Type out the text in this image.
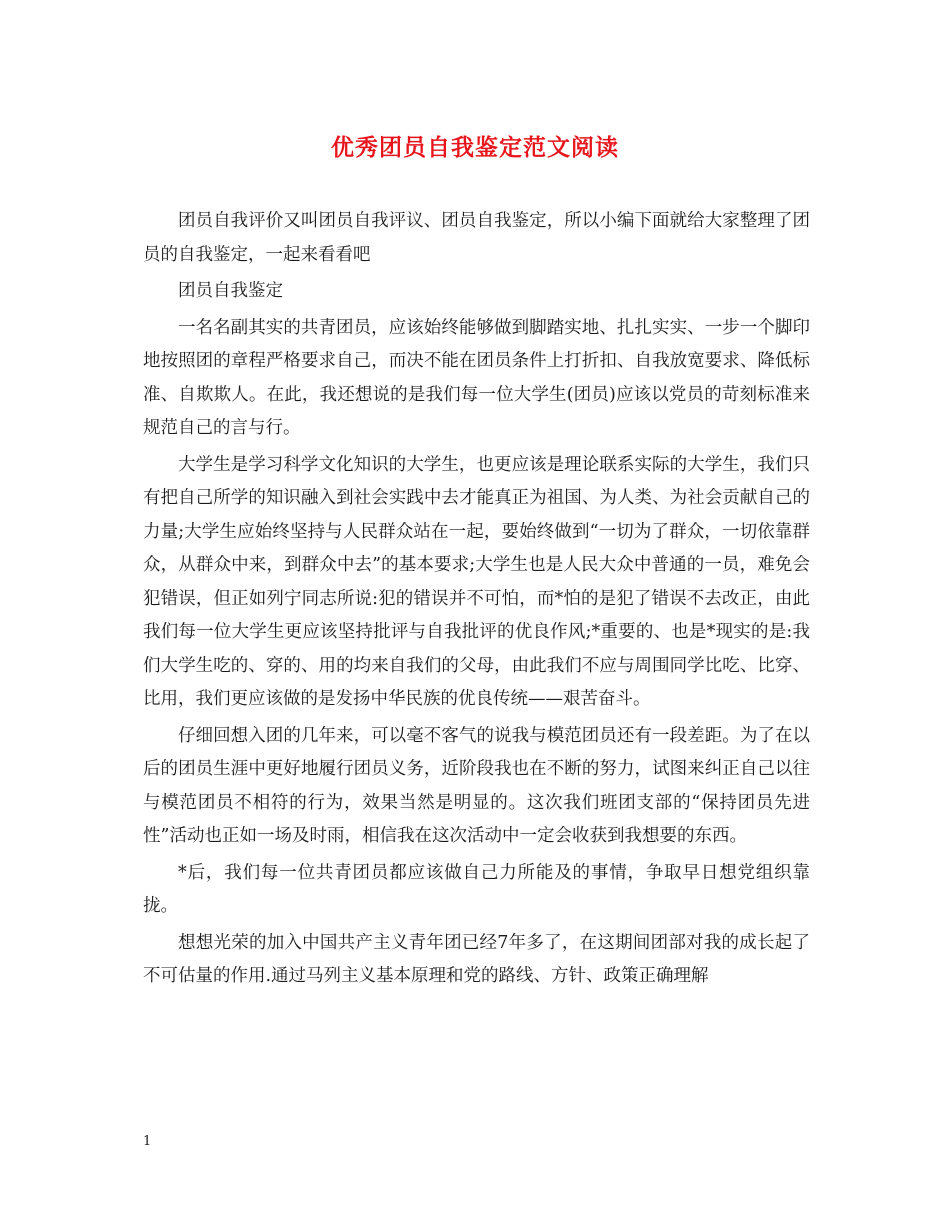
优秀团员自我鉴定范文阅读

团员自我评价又叫团员自我评议、团员自我鉴定，所以小编下面就给大家整理了团员的自我鉴定，一起来看看吧

团员自我鉴定

一名名副其实的共青团员，应该始终能够做到脚踏实地、扎扎实实、一步一个脚印地按照团的章程严格要求自己，而决不能在团员条件上打折扣、自我放宽要求、降低标准、自欺欺人。在此，我还想说的是我们每一位大学生(团员)应该以党员的苛刻标准来规范自己的言与行。

大学生是学习科学文化知识的大学生，也更应该是理论联系实际的大学生，我们只有把自己所学的知识融入到社会实践中去才能真正为祖国、为人类、为社会贡献自己的力量;大学生应始终坚持与人民群众站在一起，要始终做到“一切为了群众，一切依靠群众，从群众中来，到群众中去”的基本要求;大学生也是人民大众中普通的一员，难免会犯错误，但正如列宁同志所说:犯的错误并不可怕，而*怕的是犯了错误不去改正，由此我们每一位大学生更应该坚持批评与自我批评的优良作风;*重要的、也是*现实的是:我们大学生吃的、穿的、用的均来自我们的父母，由此我们不应与周围同学比吃、比穿、比用，我们更应该做的是发扬中华民族的优良传统——艰苦奋斗。

仔细回想入团的几年来，可以毫不客气的说我与模范团员还有一段差距。为了在以后的团员生涯中更好地履行团员义务，近阶段我也在不断的努力，试图来纠正自己以往与模范团员不相符的行为，效果当然是明显的。这次我们班团支部的“保持团员先进性”活动也正如一场及时雨，相信我在这次活动中一定会收获到我想要的东西。

*后，我们每一位共青团员都应该做自己力所能及的事情，争取早日想党组织靠拢。

想想光荣的加入中国共产主义青年团已经7年多了，在这期间团部对我的成长起了不可估量的作用.通过马列主义基本原理和党的路线、方针、政策正确理解

1
